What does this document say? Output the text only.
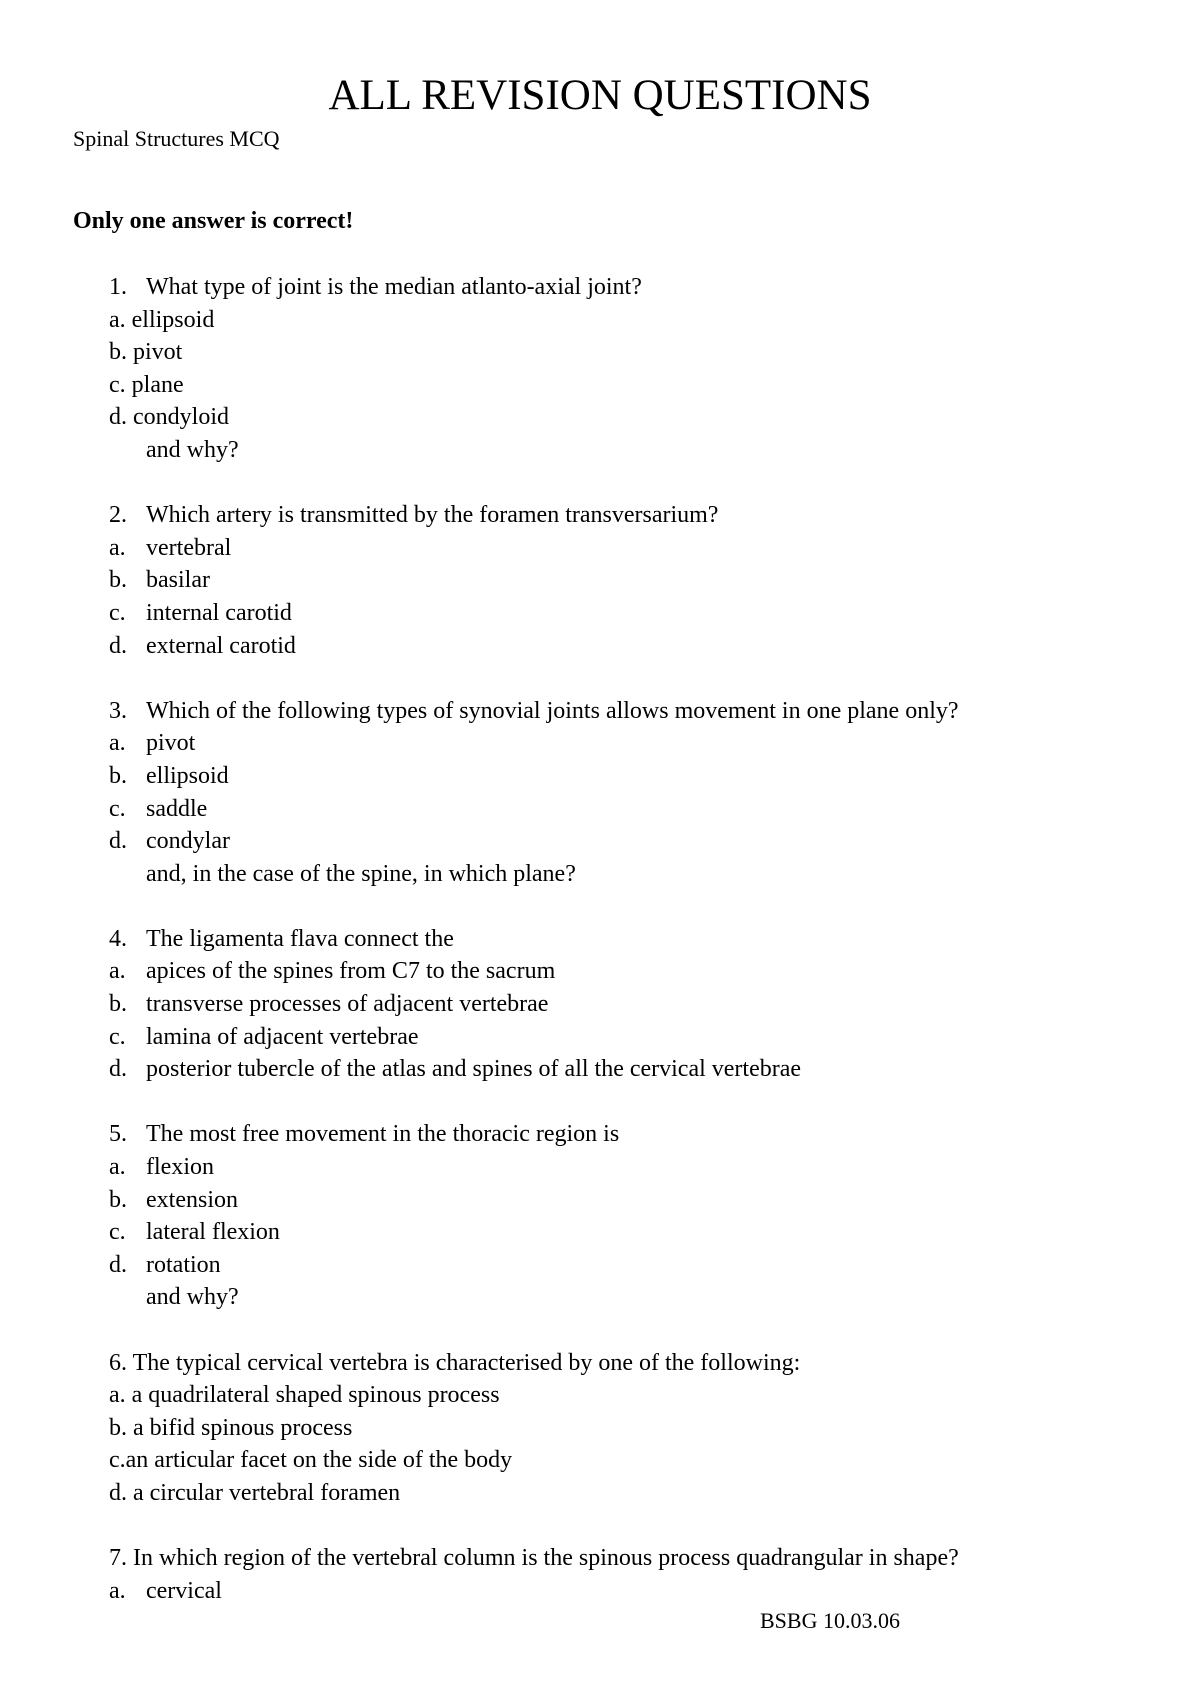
ALL REVISION QUESTIONS
Spinal Structures MCQ
Only one answer is correct!
1. What type of joint is the median atlanto-axial joint?
a. ellipsoid
b. pivot
c. plane
d. condyloid
and why?
2. Which artery is transmitted by the foramen transversarium?
a. vertebral
b. basilar
c. internal carotid
d. external carotid
3. Which of the following types of synovial joints allows movement in one plane only?
a. pivot
b. ellipsoid
c. saddle
d. condylar
and, in the case of the spine, in which plane?
4. The ligamenta flava connect the
a. apices of the spines from C7 to the sacrum
b. transverse processes of adjacent vertebrae
c. lamina of adjacent vertebrae
d. posterior tubercle of the atlas and spines of all the cervical vertebrae
5. The most free movement in the thoracic region is
a. flexion
b. extension
c. lateral flexion
d. rotation
and why?
6. The typical cervical vertebra is characterised by one of the following:
a. a quadrilateral shaped spinous process
b. a bifid spinous process
c.an articular facet on the side of the body
d. a circular vertebral foramen
7. In which region of the vertebral column is the spinous process quadrangular in shape?
a. cervical
BSBG 10.03.06
